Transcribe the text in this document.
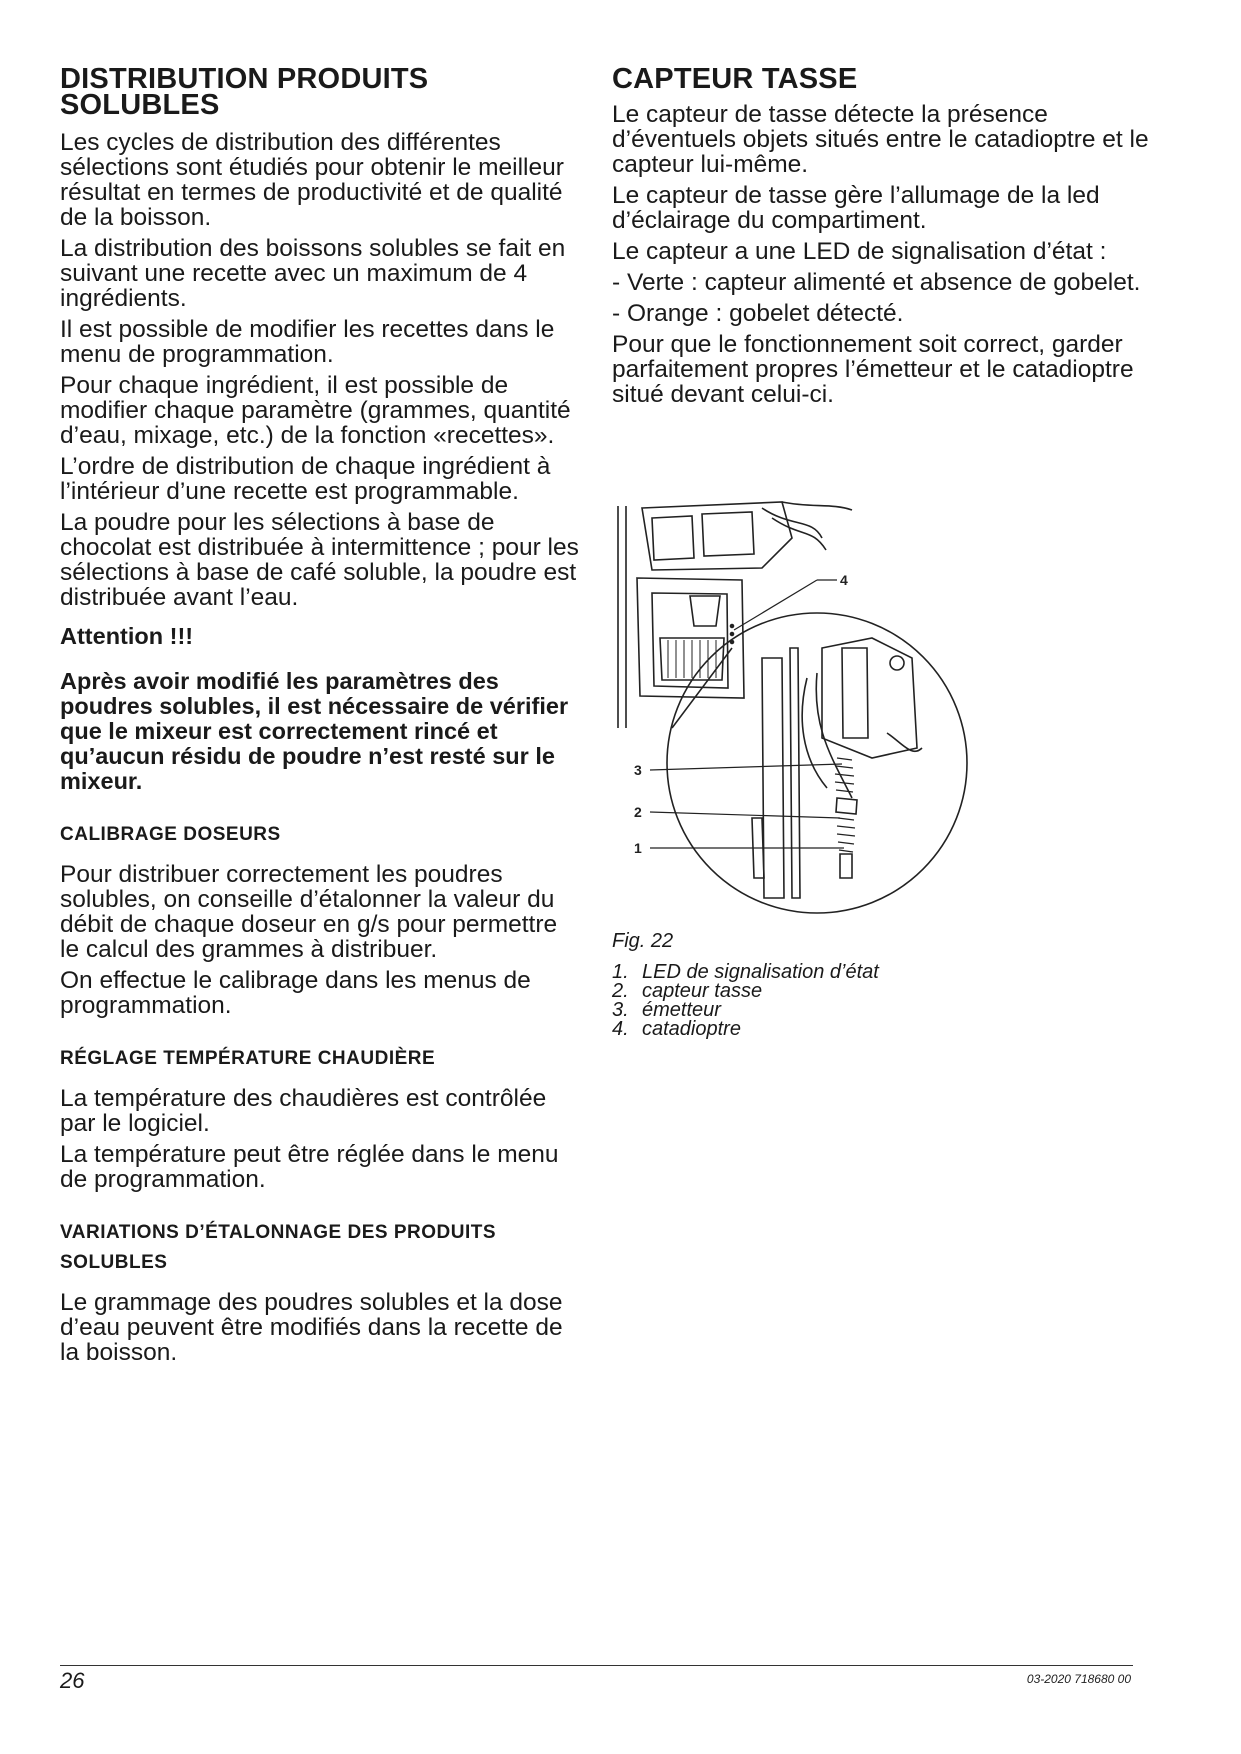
DISTRIBUTION PRODUITS SOLUBLES

Les cycles de distribution des différentes sélections sont étudiés pour obtenir le meilleur résultat en termes de productivité et de qualité de la boisson.

La distribution des boissons solubles se fait en suivant une recette avec un maximum de 4 ingrédients.

Il est possible de modifier les recettes dans le menu de programmation.

Pour chaque ingrédient, il est possible de modifier chaque paramètre (grammes, quantité d’eau, mixage, etc.) de la fonction «recettes».

L’ordre de distribution de chaque ingrédient à l’intérieur d’une recette est programmable.

La poudre pour les sélections à base de chocolat est distribuée à intermittence ; pour les sélections à base de café soluble, la poudre est distribuée avant l’eau.

Attention !!!

Après avoir modifié les paramètres des poudres solubles, il est nécessaire de vérifier que le mixeur est correctement rincé et qu’aucun résidu de poudre n’est resté sur le mixeur.

CALIBRAGE DOSEURS

Pour distribuer correctement les poudres solubles, on conseille d’étalonner la valeur du débit de chaque doseur en g/s pour permettre le calcul des grammes à distribuer.

On effectue le calibrage dans les menus de programmation.

RÉGLAGE TEMPÉRATURE CHAUDIÈRE

La température des chaudières est contrôlée par le logiciel.

La température peut être réglée dans le menu de programmation.

VARIATIONS D’ÉTALONNAGE DES PRODUITS SOLUBLES

Le grammage des poudres solubles et la dose d’eau peuvent être modifiés dans la recette de la boisson.

CAPTEUR TASSE

Le capteur de tasse détecte la présence d’éventuels objets situés entre le catadioptre et le capteur lui-même.

Le capteur de tasse gère l’allumage de la led d’éclairage du compartiment.

Le capteur a une LED de signalisation d’état :

- Verte : capteur alimenté et absence de gobelet.

- Orange : gobelet détecté.

Pour que le fonctionnement soit correct, garder parfaitement propres l’émetteur et le catadioptre situé devant celui-ci.

4
3
2
1
Fig. 22
1. LED de signalisation d’état
2. capteur tasse
3. émetteur
4. catadioptre
26	03-2020 718680 00
